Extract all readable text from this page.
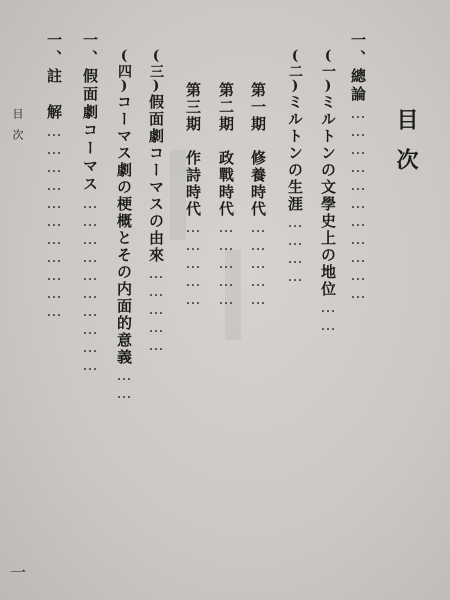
目次
一、總論……………………………
(一)ミルトンの文學史上の地位……
(二)ミルトンの生涯…………
第一期　修養時代……………
第二期　政戰時代……………
第三期　作詩時代……………
(三)假面劇コーマスの由來……………
(四)コーマス劇の梗概とその内面的意義……
一、假面劇コーマス…………………………
一、註　解……………………………
目次
一
